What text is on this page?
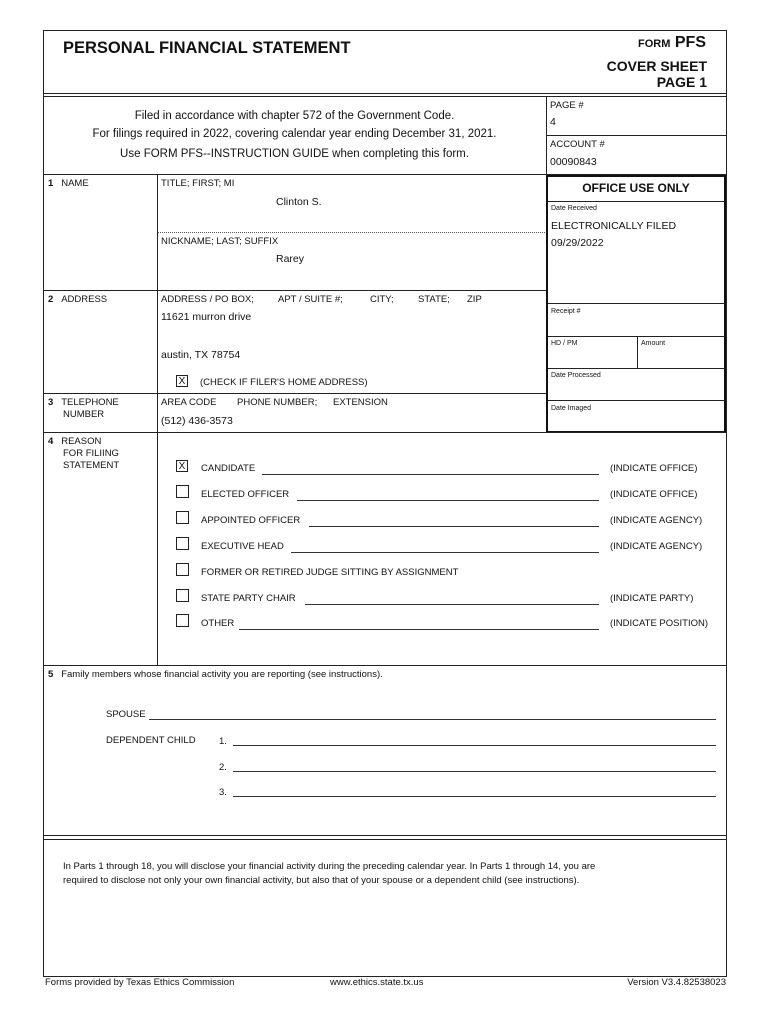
PERSONAL FINANCIAL STATEMENT	FORM PFS
COVER SHEET
PAGE 1
Filed in accordance with chapter 572 of the Government Code.
For filings required in 2022, covering calendar year ending December 31, 2021.
Use FORM PFS--INSTRUCTION GUIDE when completing this form.
PAGE #
4
ACCOUNT #
00090843
OFFICE USE ONLY
Date Received
ELECTRONICALLY FILED
09/29/2022
Receipt #
HD / PM	Amount
Date Processed
Date Imaged
1 NAME	TITLE; FIRST; MI
Clinton S.
NICKNAME; LAST; SUFFIX
Rarey
2 ADDRESS	ADDRESS / PO BOX;	APT / SUITE #;	CITY;	STATE; ZIP
11621 murron drive
austin, TX 78754
X (CHECK IF FILER'S HOME ADDRESS)
3 TELEPHONE
NUMBER
AREA CODE PHONE NUMBER; EXTENSION
(512) 436-3573
4 REASON
FOR FILIING
STATEMENT	X CANDIDATE	(INDICATE OFFICE)
ELECTED OFFICER	(INDICATE OFFICE)
APPOINTED OFFICER	(INDICATE AGENCY)
EXECUTIVE HEAD	(INDICATE AGENCY)
FORMER OR RETIRED JUDGE SITTING BY ASSIGNMENT
STATE PARTY CHAIR	(INDICATE PARTY)
OTHER	(INDICATE POSITION)
5 Family members whose financial activity you are reporting (see instructions).
SPOUSE
DEPENDENT CHILD 1.
2.
3.
In Parts 1 through 18, you will disclose your financial activity during the preceding calendar year. In Parts 1 through 14, you are
required to disclose not only your own financial activity, but also that of your spouse or a dependent child (see instructions).
Forms provided by Texas Ethics Commission	www.ethics.state.tx.us	Version V3.4.82538023
